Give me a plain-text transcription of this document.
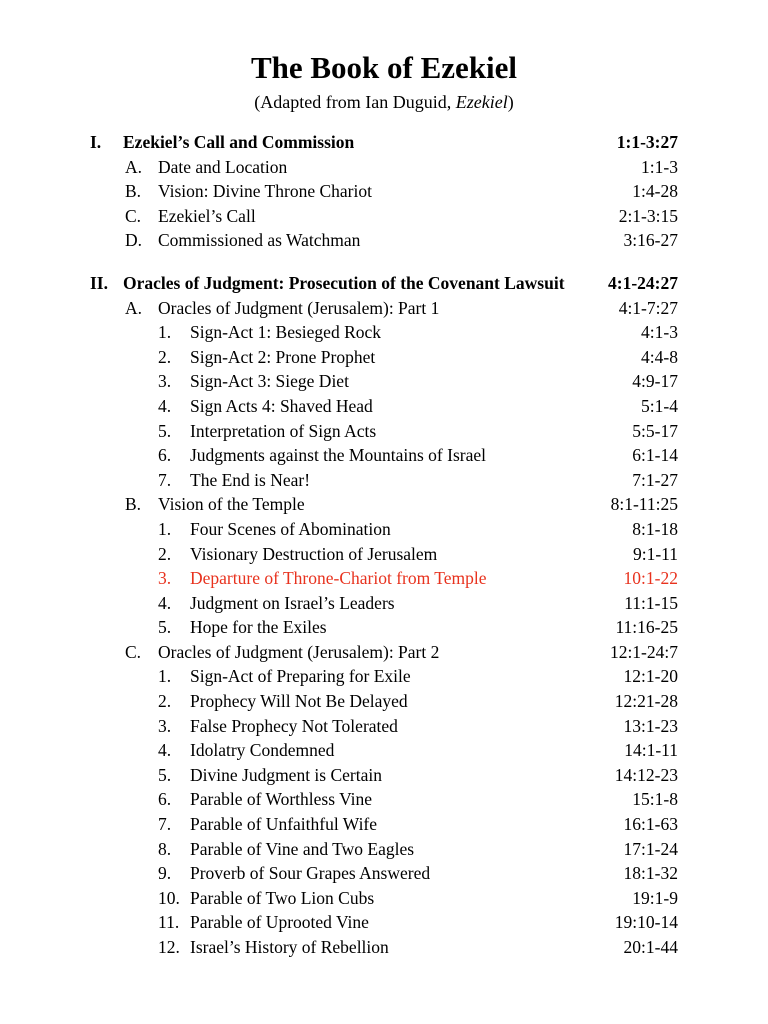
The Book of Ezekiel
(Adapted from Ian Duguid, Ezekiel)
I. Ezekiel’s Call and Commission	1:1-3:27
A. Date and Location	1:1-3
B. Vision: Divine Throne Chariot	1:4-28
C. Ezekiel’s Call	2:1-3:15
D. Commissioned as Watchman	3:16-27
II. Oracles of Judgment: Prosecution of the Covenant Lawsuit 4:1-24:27
A. Oracles of Judgment (Jerusalem): Part 1	4:1-7:27
1. Sign-Act 1: Besieged Rock	4:1-3
2. Sign-Act 2: Prone Prophet	4:4-8
3. Sign-Act 3: Siege Diet	4:9-17
4. Sign Acts 4: Shaved Head	5:1-4
5. Interpretation of Sign Acts	5:5-17
6. Judgments against the Mountains of Israel	6:1-14
7. The End is Near!	7:1-27
B. Vision of the Temple	8:1-11:25
1. Four Scenes of Abomination	8:1-18
2. Visionary Destruction of Jerusalem	9:1-11
3. Departure of Throne-Chariot from Temple	10:1-22
4. Judgment on Israel’s Leaders	11:1-15
5. Hope for the Exiles	11:16-25
C. Oracles of Judgment (Jerusalem): Part 2	12:1-24:7
1. Sign-Act of Preparing for Exile	12:1-20
2. Prophecy Will Not Be Delayed	12:21-28
3. False Prophecy Not Tolerated	13:1-23
4. Idolatry Condemned	14:1-11
5. Divine Judgment is Certain	14:12-23
6. Parable of Worthless Vine	15:1-8
7. Parable of Unfaithful Wife	16:1-63
8. Parable of Vine and Two Eagles	17:1-24
9. Proverb of Sour Grapes Answered	18:1-32
10. Parable of Two Lion Cubs	19:1-9
11. Parable of Uprooted Vine	19:10-14
12. Israel’s History of Rebellion	20:1-44
